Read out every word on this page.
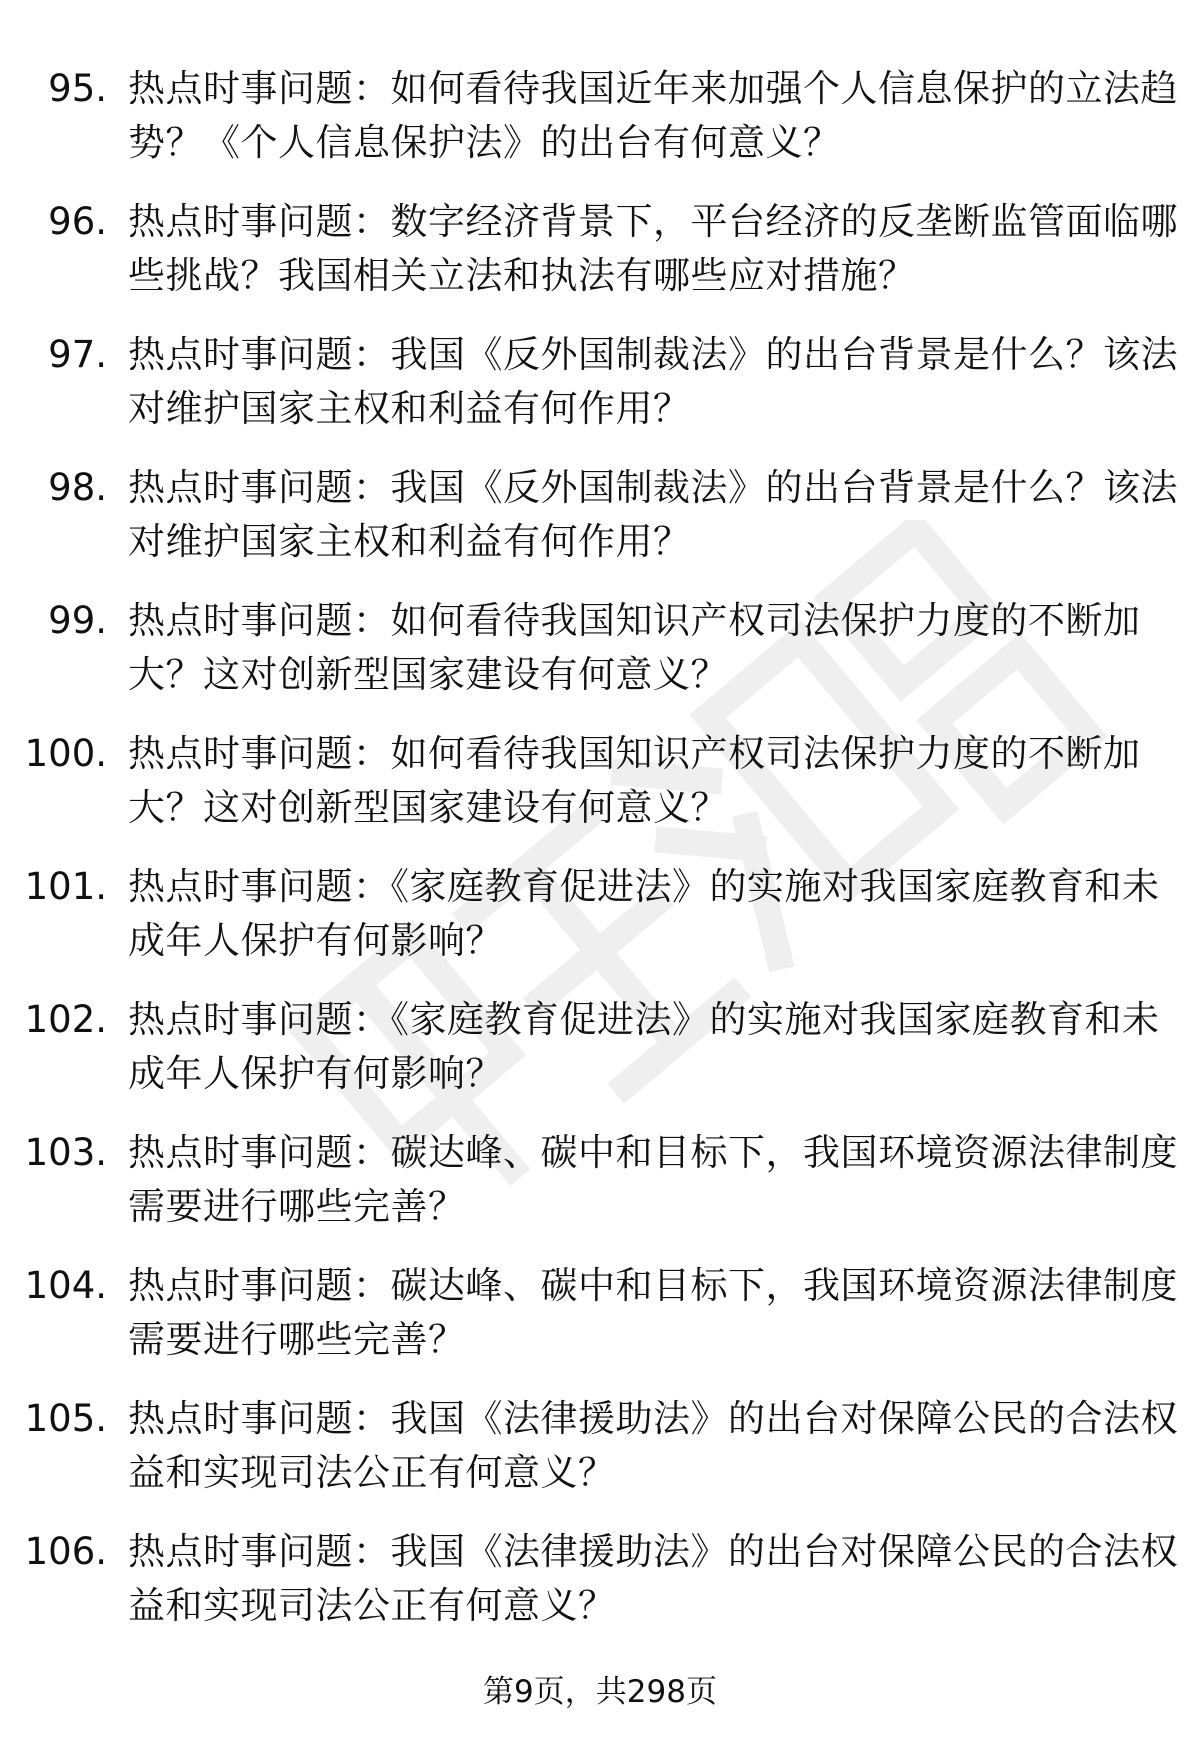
95. 热点时事问题：如何看待我国近年来加强个人信息保护的立法趋
势？《个人信息保护法》的出台有何意义？
96. 热点时事问题：数字经济背景下，平台经济的反垄断监管面临哪
些挑战？我国相关立法和执法有哪些应对措施？
97. 热点时事问题：我国《反外国制裁法》的出台背景是什么？该法
对维护国家主权和利益有何作用？
98. 热点时事问题：我国《反外国制裁法》的出台背景是什么？该法
对维护国家主权和利益有何作用？
99. 热点时事问题：如何看待我国知识产权司法保护力度的不断加
大？这对创新型国家建设有何意义？
100. 热点时事问题：如何看待我国知识产权司法保护力度的不断加
大？这对创新型国家建设有何意义？
101. 热点时事问题：《家庭教育促进法》的实施对我国家庭教育和未
成年人保护有何影响？
102. 热点时事问题：《家庭教育促进法》的实施对我国家庭教育和未
成年人保护有何影响？
103. 热点时事问题：碳达峰、碳中和目标下，我国环境资源法律制度
需要进行哪些完善？
104. 热点时事问题：碳达峰、碳中和目标下，我国环境资源法律制度
需要进行哪些完善？
105. 热点时事问题：我国《法律援助法》的出台对保障公民的合法权
益和实现司法公正有何意义？
106. 热点时事问题：我国《法律援助法》的出台对保障公民的合法权
益和实现司法公正有何意义？
第9页，共298页
